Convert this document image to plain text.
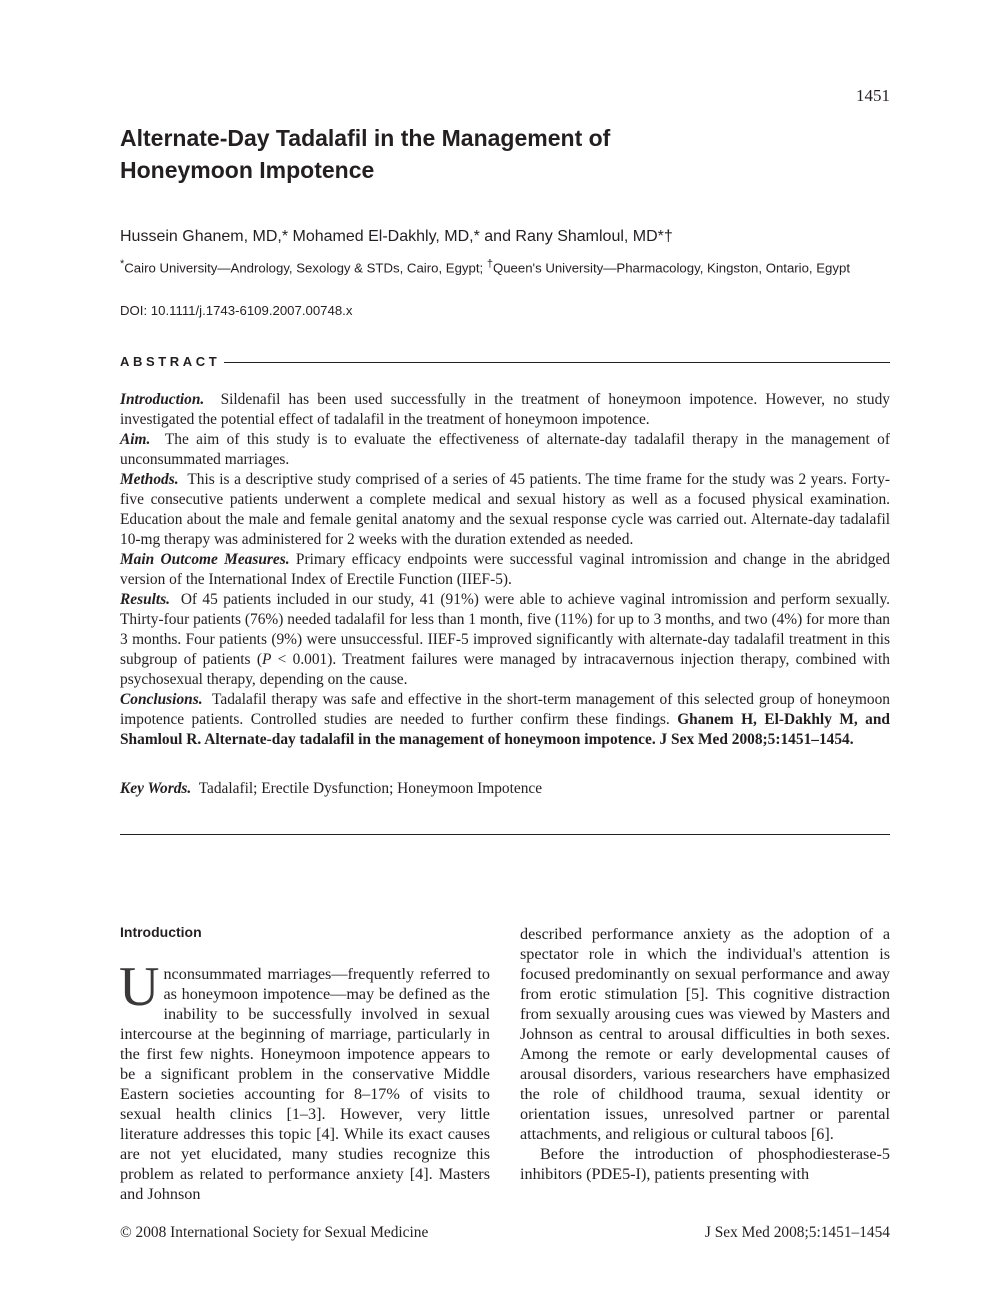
1451
Alternate-Day Tadalafil in the Management of
Honeymoon Impotence
Hussein Ghanem, MD,* Mohamed El-Dakhly, MD,* and Rany Shamloul, MD*†
*Cairo University—Andrology, Sexology & STDs, Cairo, Egypt; †Queen's University—Pharmacology, Kingston, Ontario, Egypt
DOI: 10.1111/j.1743-6109.2007.00748.x
ABSTRACT

Introduction. Sildenafil has been used successfully in the treatment of honeymoon impotence. However, no study investigated the potential effect of tadalafil in the treatment of honeymoon impotence.

Aim. The aim of this study is to evaluate the effectiveness of alternate-day tadalafil therapy in the management of unconsummated marriages.

Methods. This is a descriptive study comprised of a series of 45 patients. The time frame for the study was 2 years. Forty-five consecutive patients underwent a complete medical and sexual history as well as a focused physical examination. Education about the male and female genital anatomy and the sexual response cycle was carried out. Alternate-day tadalafil 10-mg therapy was administered for 2 weeks with the duration extended as needed.

Main Outcome Measures. Primary efficacy endpoints were successful vaginal intromission and change in the abridged version of the International Index of Erectile Function (IIEF-5).

Results. Of 45 patients included in our study, 41 (91%) were able to achieve vaginal intromission and perform sexually. Thirty-four patients (76%) needed tadalafil for less than 1 month, five (11%) for up to 3 months, and two (4%) for more than 3 months. Four patients (9%) were unsuccessful. IIEF-5 improved significantly with alternate-day tadalafil treatment in this subgroup of patients (P < 0.001). Treatment failures were managed by intracavernous injection therapy, combined with psychosexual therapy, depending on the cause.

Conclusions. Tadalafil therapy was safe and effective in the short-term management of this selected group of honeymoon impotence patients. Controlled studies are needed to further confirm these findings. Ghanem H, El-Dakhly M, and Shamloul R. Alternate-day tadalafil in the management of honeymoon impotence. J Sex Med 2008;5:1451–1454.

Key Words. Tadalafil; Erectile Dysfunction; Honeymoon Impotence
Introduction

Unconsummated marriages—frequently referred to as honeymoon impotence—may be defined as the inability to be successfully involved in sexual intercourse at the beginning of marriage, particularly in the first few nights. Honeymoon impotence appears to be a significant problem in the conservative Middle Eastern societies accounting for 8–17% of visits to sexual health clinics [1–3]. However, very little literature addresses this topic [4]. While its exact causes are not yet elucidated, many studies recognize this problem as related to performance anxiety [4]. Masters and Johnson

described performance anxiety as the adoption of a spectator role in which the individual's attention is focused predominantly on sexual performance and away from erotic stimulation [5]. This cognitive distraction from sexually arousing cues was viewed by Masters and Johnson as central to arousal difficulties in both sexes. Among the remote or early developmental causes of arousal disorders, various researchers have emphasized the role of childhood trauma, sexual identity or orientation issues, unresolved partner or parental attachments, and religious or cultural taboos [6].

Before the introduction of phosphodiesterase-5 inhibitors (PDE5-I), patients presenting with

© 2008 International Society for Sexual Medicine	J Sex Med 2008;5:1451–1454
